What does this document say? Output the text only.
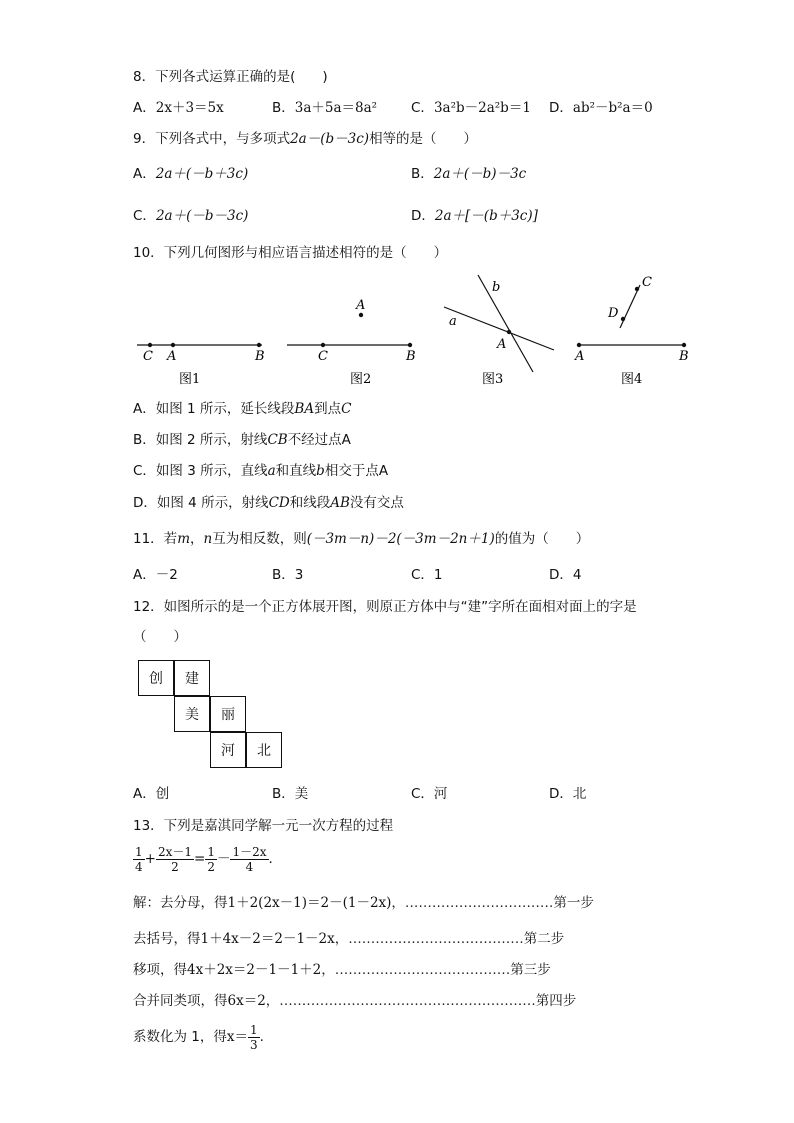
8．下列各式运算正确的是(　　)
A．2x＋3＝5x	B．3a＋5a＝8a²	C．3a²b－2a²b＝1 D．ab²－b²a＝0
9．下列各式中，与多项式2a－(b－3c)相等的是（　　）
A．2a＋(－b＋3c)	B．2a＋(－b)－3c
C．2a＋(－b－3c)	D．2a＋[－(b＋3c)]
10．下列几何图形与相应语言描述相符的是（　　）
C A	B	C	B
A
a
b
A
A	B
C
D
图1	图2	图3	图4
A．如图 1 所示，延长线段BA到点C
B．如图 2 所示，射线CB不经过点A
C．如图 3 所示，直线a和直线b相交于点A
D．如图 4 所示，射线CD和线段AB没有交点
11．若m，n互为相反数，则(－3m－n)－2(－3m－2n＋1)的值为（　　）
A．－2	B．3	C．1	D．4
12．如图所示的是一个正方体展开图，则原正方体中与“建”字所在面相对面上的字是
（　　）
创	建
美	丽
河	北
A．创	B．美	C．河	D．北
13．下列是嘉淇同学解一元一次方程的过程
$\frac{1}{4} + \frac{2x-1}{2} = \frac{1}{2} - \frac{1-2x}{4}$ .
解：去分母，得1＋2(2x－1)＝2－(1－2x)，……………………………第一步
去括号，得1＋4x－2＝2－1－2x，…………………………………第二步
移项，得4x＋2x＝2－1－1＋2，…………………………………第三步
合并同类项，得6x＝2，…………………………………………………第四步
系数化为 1，得$x= \frac{1}{3}$ .
